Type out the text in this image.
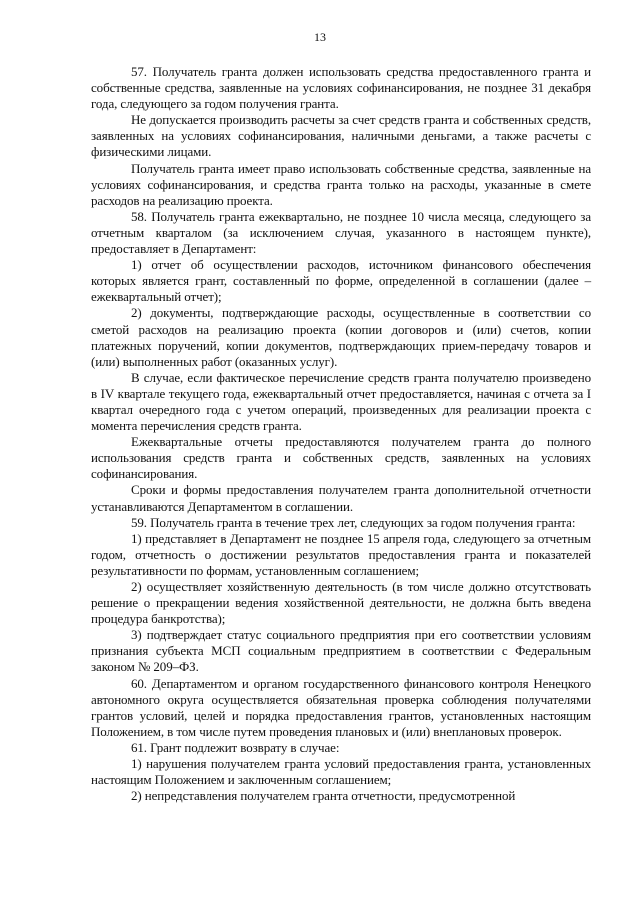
13

57. Получатель гранта должен использовать средства предоставленного гранта и собственные средства, заявленные на условиях софинансирования, не позднее 31 декабря года, следующего за годом получения гранта.

Не допускается производить расчеты за счет средств гранта и собственных средств, заявленных на условиях софинансирования, наличными деньгами, а также расчеты с физическими лицами.

Получатель гранта имеет право использовать собственные средства, заявленные на условиях софинансирования, и средства гранта только на расходы, указанные в смете расходов на реализацию проекта.

58. Получатель гранта ежеквартально, не позднее 10 числа месяца, следующего за отчетным кварталом (за исключением случая, указанного в настоящем пункте), предоставляет в Департамент:

1) отчет об осуществлении расходов, источником финансового обеспечения которых является грант, составленный по форме, определенной в соглашении (далее – ежеквартальный отчет);

2) документы, подтверждающие расходы, осуществленные в соответствии со сметой расходов на реализацию проекта (копии договоров и (или) счетов, копии платежных поручений, копии документов, подтверждающих прием-передачу товаров и (или) выполненных работ (оказанных услуг).

В случае, если фактическое перечисление средств гранта получателю произведено в IV квартале текущего года, ежеквартальный отчет предоставляется, начиная с отчета за I квартал очередного года с учетом операций, произведенных для реализации проекта с момента перечисления средств гранта.

Ежеквартальные отчеты предоставляются получателем гранта до полного использования средств гранта и собственных средств, заявленных на условиях софинансирования.

Сроки и формы предоставления получателем гранта дополнительной отчетности устанавливаются Департаментом в соглашении.

59. Получатель гранта в течение трех лет, следующих за годом получения гранта:

1) представляет в Департамент не позднее 15 апреля года, следующего за отчетным годом, отчетность о достижении результатов предоставления гранта и показателей результативности по формам, установленным соглашением;

2) осуществляет хозяйственную деятельность (в том числе должно отсутствовать решение о прекращении ведения хозяйственной деятельности, не должна быть введена процедура банкротства);

3) подтверждает статус социального предприятия при его соответствии условиям признания субъекта МСП социальным предприятием в соответствии с Федеральным законом № 209–ФЗ.

60. Департаментом и органом государственного финансового контроля Ненецкого автономного округа осуществляется обязательная проверка соблюдения получателями грантов условий, целей и порядка предоставления грантов, установленных настоящим Положением, в том числе путем проведения плановых и (или) внеплановых проверок.

61. Грант подлежит возврату в случае:

1) нарушения получателем гранта условий предоставления гранта, установленных настоящим Положением и заключенным соглашением;

2) непредставления получателем гранта отчетности, предусмотренной
